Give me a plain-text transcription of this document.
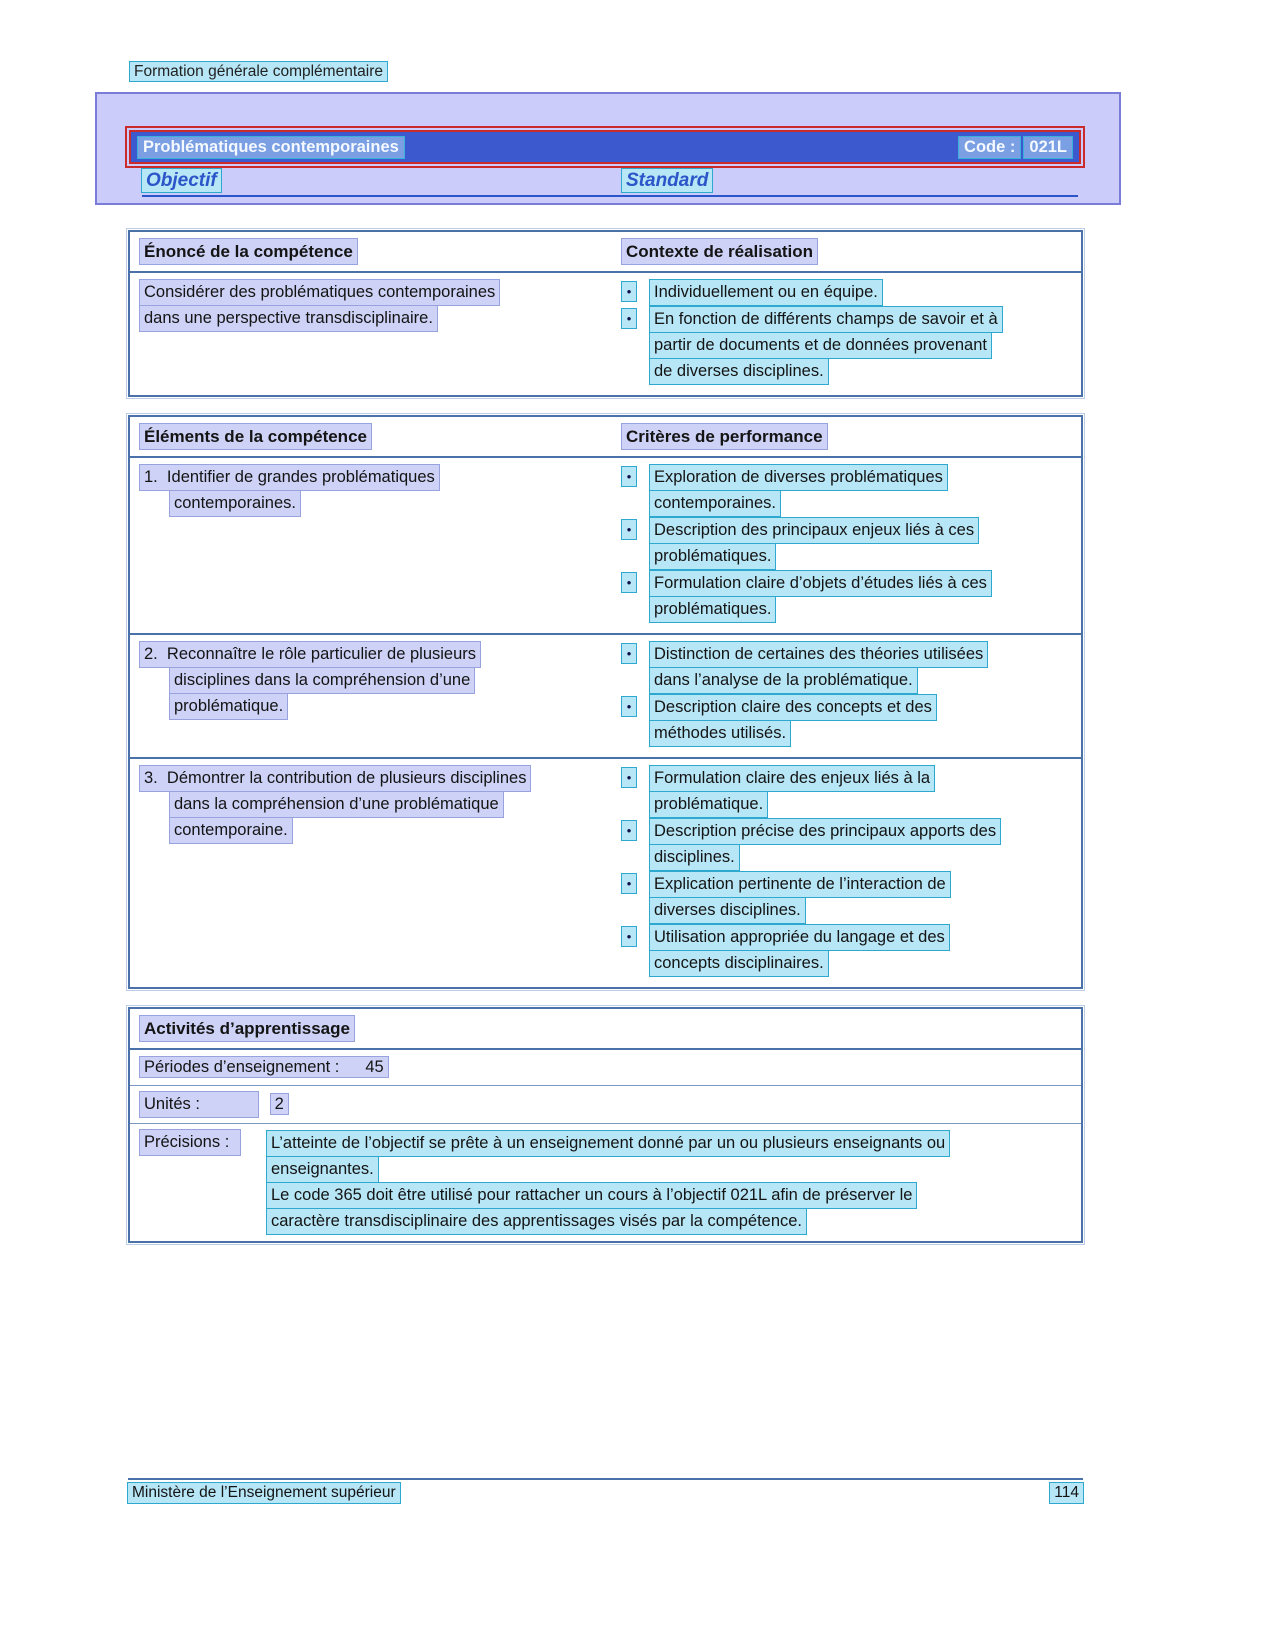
Formation générale complémentaire
Problématiques contemporaines	Code : 021L
Objectif	Standard
Énoncé de la compétence	Contexte de réalisation
Considérer des problématiques contemporaines
dans une perspective transdisciplinaire.
• Individuellement ou en équipe.
• En fonction de différents champs de savoir et à
partir de documents et de données provenant
de diverses disciplines.
Éléments de la compétence	Critères de performance
1.  Identifier de grandes problématiques
contemporaines.
• Exploration de diverses problématiques
contemporaines.
• Description des principaux enjeux liés à ces
problématiques.
• Formulation claire d’objets d’études liés à ces
problématiques.
2.  Reconnaître le rôle particulier de plusieurs
disciplines dans la compréhension d’une
problématique.
• Distinction de certaines des théories utilisées
dans l’analyse de la problématique.
• Description claire des concepts et des
méthodes utilisés.
3.  Démontrer la contribution de plusieurs disciplines
dans la compréhension d’une problématique
contemporaine.
• Formulation claire des enjeux liés à la
problématique.
• Description précise des principaux apports des
disciplines.
• Explication pertinente de l’interaction de
diverses disciplines.
• Utilisation appropriée du langage et des
concepts disciplinaires.
Activités d’apprentissage
Périodes d’enseignement : 45
Unités :	2
Précisions :	L’atteinte de l’objectif se prête à un enseignement donné par un ou plusieurs enseignants ou
enseignantes.
Le code 365 doit être utilisé pour rattacher un cours à l’objectif 021L afin de préserver le
caractère transdisciplinaire des apprentissages visés par la compétence.
Ministère de l’Enseignement supérieur	114
